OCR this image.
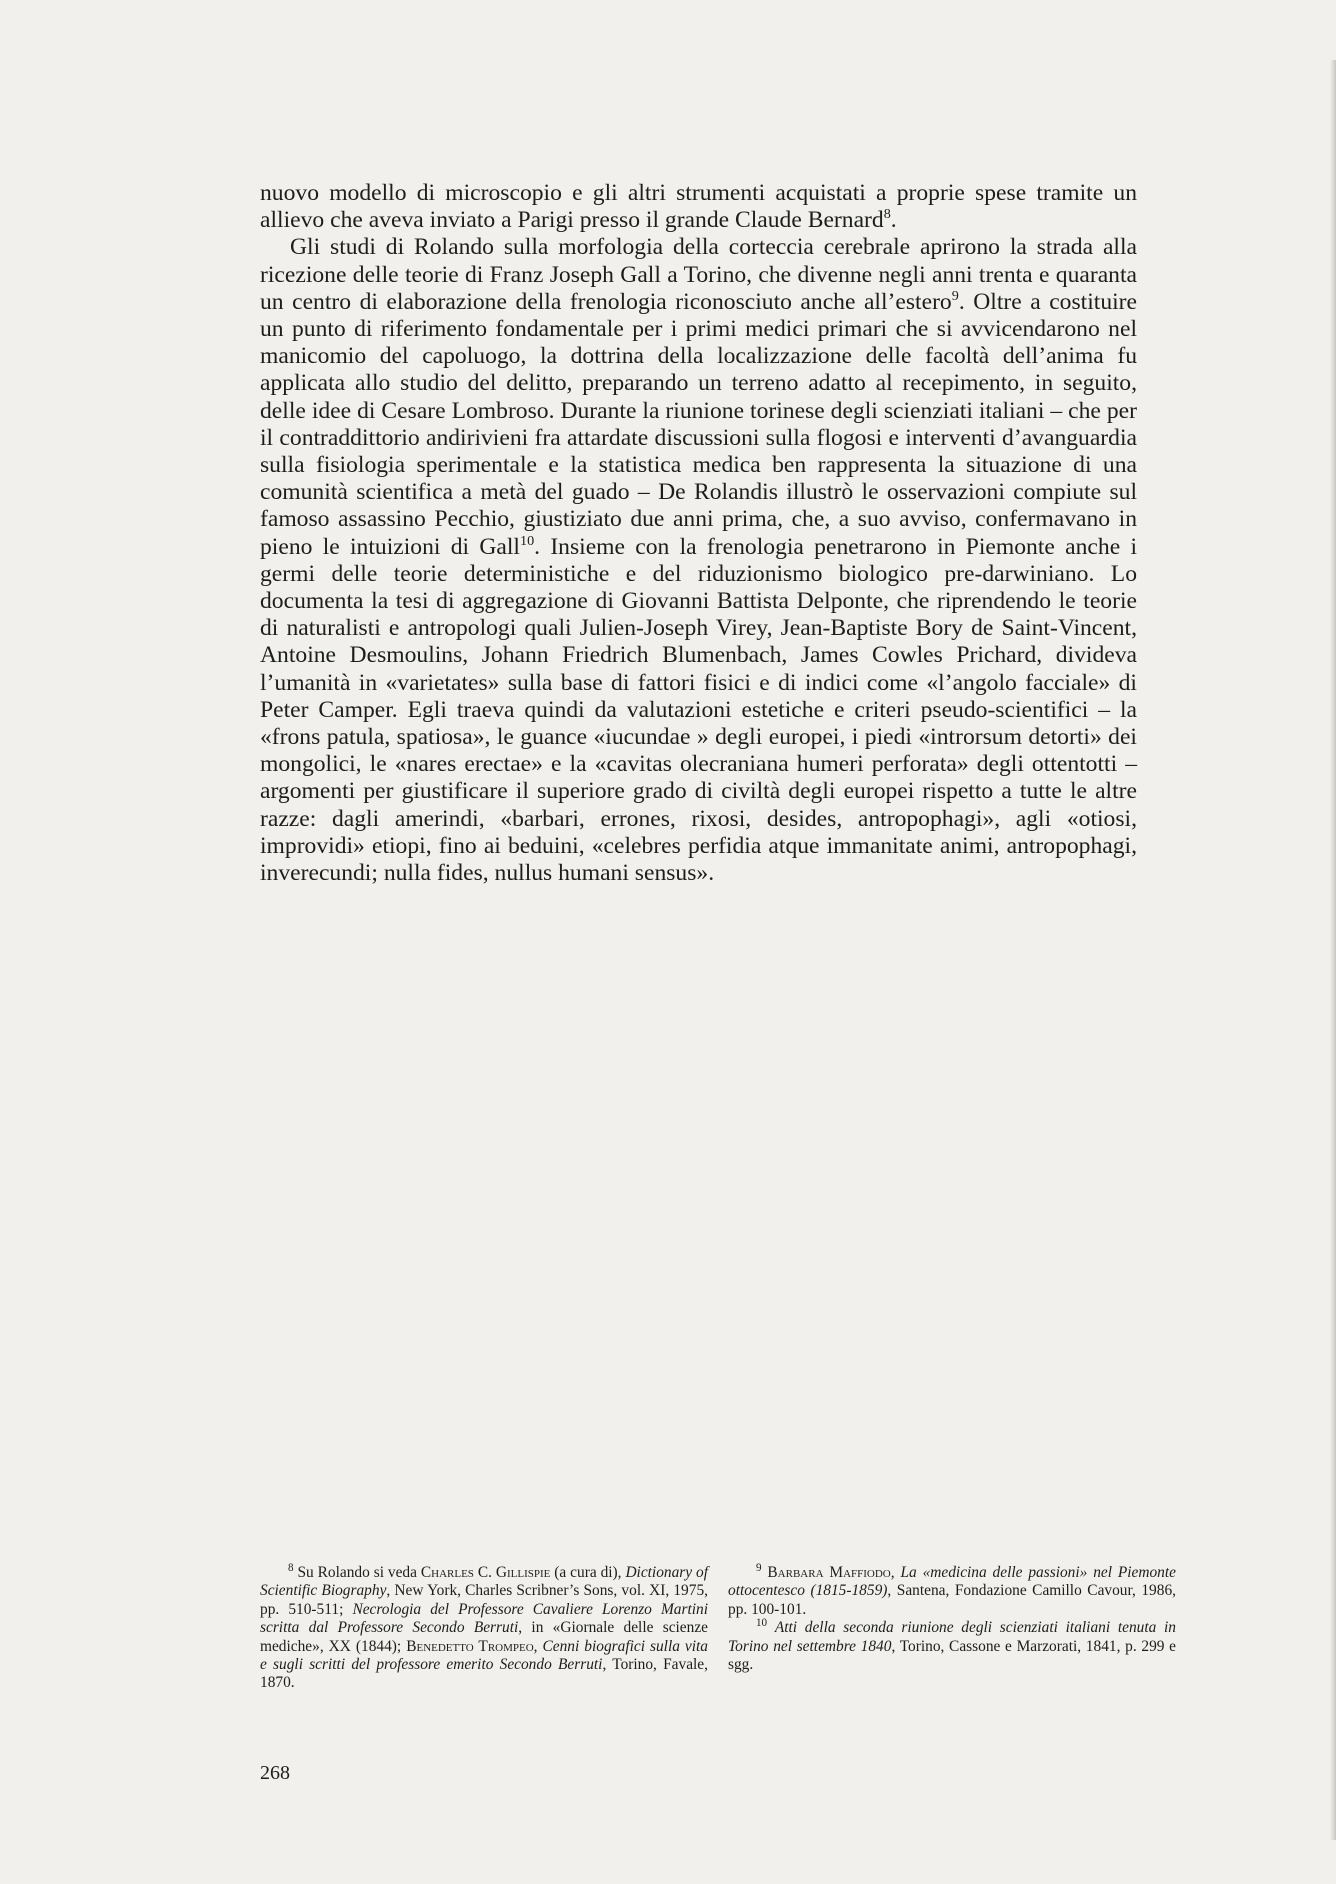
nuovo modello di microscopio e gli altri strumenti acquistati a proprie spese tramite un allievo che aveva inviato a Parigi presso il grande Claude Bernard$^8$.

Gli studi di Rolando sulla morfologia della corteccia cerebrale aprirono la strada alla ricezione delle teorie di Franz Joseph Gall a Torino, che divenne negli anni trenta e quaranta un centro di elaborazione della frenologia riconosciuto anche all’estero$^9$. Oltre a costituire un punto di riferimento fondamentale per i primi medici primari che si avvicendarono nel manicomio del capoluogo, la dottrina della localizzazione delle facoltà dell’anima fu applicata allo studio del delitto, preparando un terreno adatto al recepimento, in seguito, delle idee di Cesare Lombroso. Durante la riunione torinese degli scienziati italiani – che per il contraddittorio andirivieni fra attardate discussioni sulla flogosi e interventi d’avanguardia sulla fisiologia sperimentale e la statistica medica ben rappresenta la situazione di una comunità scientifica a metà del guado – De Rolandis illustrò le osservazioni compiute sul famoso assassino Pecchio, giustiziato due anni prima, che, a suo avviso, confermavano in pieno le intuizioni di Gall$^{10}$. Insieme con la frenologia penetrarono in Piemonte anche i germi delle teorie deterministiche e del riduzionismo biologico pre-darwiniano. Lo documenta la tesi di aggregazione di Giovanni Battista Delponte, che riprendendo le teorie di naturalisti e antropologi quali Julien-Joseph Virey, Jean-Baptiste Bory de Saint-Vincent, Antoine Desmoulins, Johann Friedrich Blumenbach, James Cowles Prichard, divideva l’umanità in «varietates» sulla base di fattori fisici e di indici come «l’angolo facciale» di Peter Camper. Egli traeva quindi da valutazioni estetiche e criteri pseudo-scientifici – la «frons patula, spatiosa», le guance «iucundae » degli europei, i piedi «introrsum detorti» dei mongolici, le «nares erectae» e la «cavitas olecraniana humeri perforata» degli ottentotti – argomenti per giustificare il superiore grado di civiltà degli europei rispetto a tutte le altre razze: dagli amerindi, «barbari, errones, rixosi, desides, antropophagi», agli «otiosi, improvidi» etiopi, fino ai beduini, «celebres perfidia atque immanitate animi, antropophagi, inverecundi; nulla fides, nullus humani sensus».

$^8$ Su Rolando si veda Charles C. Gillispie (a cura di), Dictionary of Scientific Biography, New York, Charles Scribner’s Sons, vol. XI, 1975, pp. 510-511; Necrologia del Professore Cavaliere Lorenzo Martini scritta dal Professore Secondo Berruti, in «Giornale delle scienze mediche», XX (1844); Benedetto Trompeo, Cenni biografici sulla vita e sugli scritti del professore emerito Secondo Berruti, Torino, Favale, 1870.

$^9$ Barbara Maffiodo, La «medicina delle passioni» nel Piemonte ottocentesco (1815-1859), Santena, Fondazione Camillo Cavour, 1986, pp. 100-101.

$^{10}$ Atti della seconda riunione degli scienziati italiani tenuta in Torino nel settembre 1840, Torino, Cassone e Marzorati, 1841, p. 299 e sgg.

268
